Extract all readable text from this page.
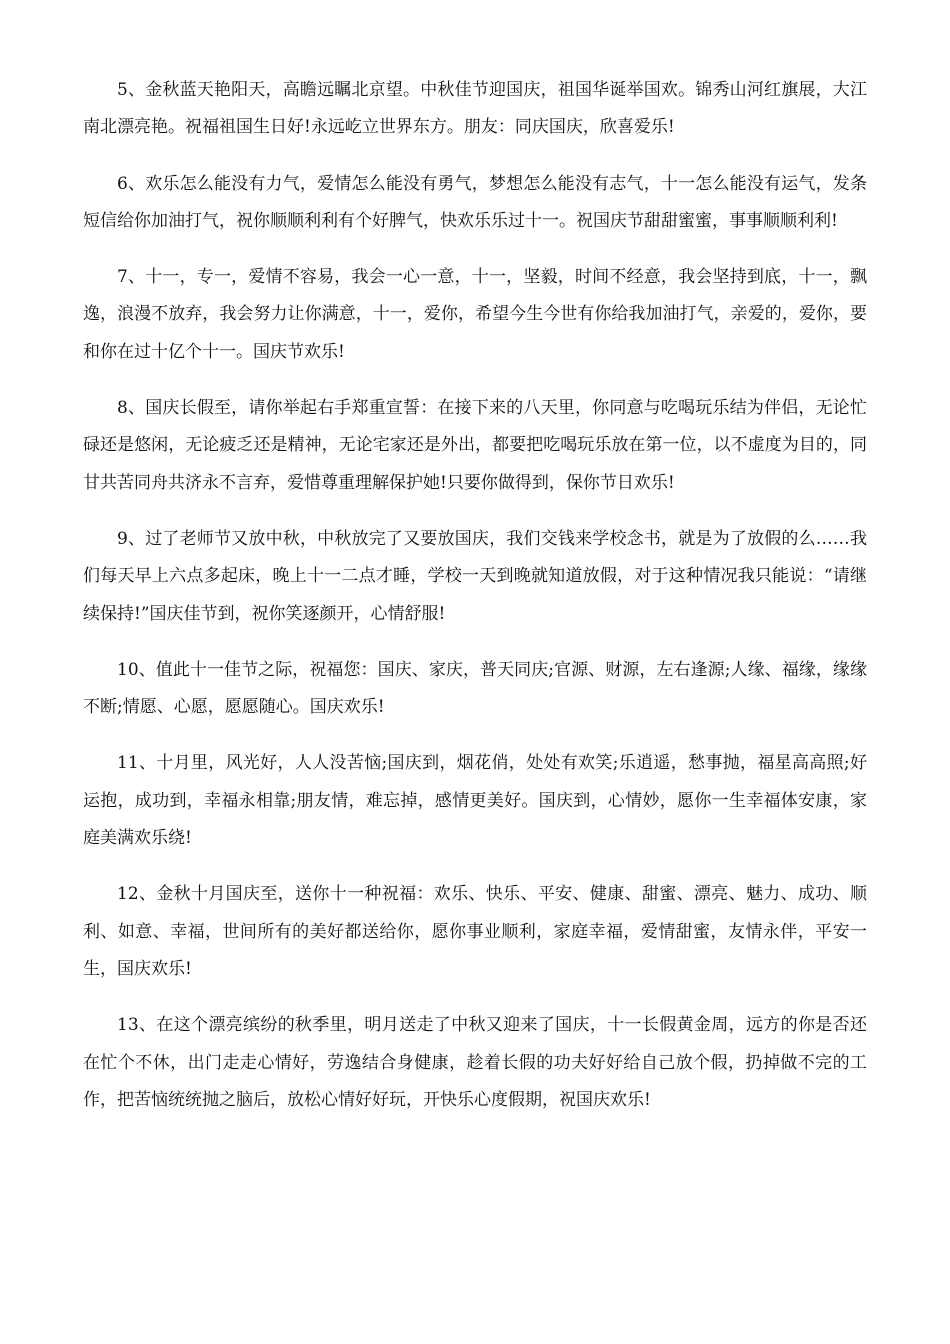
5、金秋蓝天艳阳天，高瞻远瞩北京望。中秋佳节迎国庆，祖国华诞举国欢。锦秀山河红旗展，大江南北漂亮艳。祝福祖国生日好!永远屹立世界东方。朋友：同庆国庆，欣喜爱乐!

6、欢乐怎么能没有力气，爱情怎么能没有勇气，梦想怎么能没有志气，十一怎么能没有运气，发条短信给你加油打气，祝你顺顺利利有个好脾气，快欢乐乐过十一。祝国庆节甜甜蜜蜜，事事顺顺利利!

7、十一，专一，爱情不容易，我会一心一意，十一，坚毅，时间不经意，我会坚持到底，十一，飘逸，浪漫不放弃，我会努力让你满意，十一，爱你，希望今生今世有你给我加油打气，亲爱的，爱你，要和你在过十亿个十一。国庆节欢乐!

8、国庆长假至，请你举起右手郑重宣誓：在接下来的八天里，你同意与吃喝玩乐结为伴侣，无论忙碌还是悠闲，无论疲乏还是精神，无论宅家还是外出，都要把吃喝玩乐放在第一位，以不虚度为目的，同甘共苦同舟共济永不言弃，爱惜尊重理解保护她!只要你做得到，保你节日欢乐!

9、过了老师节又放中秋，中秋放完了又要放国庆，我们交钱来学校念书，就是为了放假的么……我们每天早上六点多起床，晚上十一二点才睡，学校一天到晚就知道放假，对于这种情况我只能说：“请继续保持!”国庆佳节到，祝你笑逐颜开，心情舒服!

10、值此十一佳节之际，祝福您：国庆、家庆，普天同庆;官源、财源，左右逢源;人缘、福缘，缘缘不断;情愿、心愿，愿愿随心。国庆欢乐!

11、十月里，风光好，人人没苦恼;国庆到，烟花俏，处处有欢笑;乐逍遥，愁事抛，福星高高照;好运抱，成功到，幸福永相靠;朋友情，难忘掉，感情更美好。国庆到，心情妙，愿你一生幸福体安康，家庭美满欢乐绕!

12、金秋十月国庆至，送你十一种祝福：欢乐、快乐、平安、健康、甜蜜、漂亮、魅力、成功、顺利、如意、幸福，世间所有的美好都送给你，愿你事业顺利，家庭幸福，爱情甜蜜，友情永伴，平安一生，国庆欢乐!

13、在这个漂亮缤纷的秋季里，明月送走了中秋又迎来了国庆，十一长假黄金周，远方的你是否还在忙个不休，出门走走心情好，劳逸结合身健康，趁着长假的功夫好好给自己放个假，扔掉做不完的工作，把苦恼统统抛之脑后，放松心情好好玩，开快乐心度假期，祝国庆欢乐!
